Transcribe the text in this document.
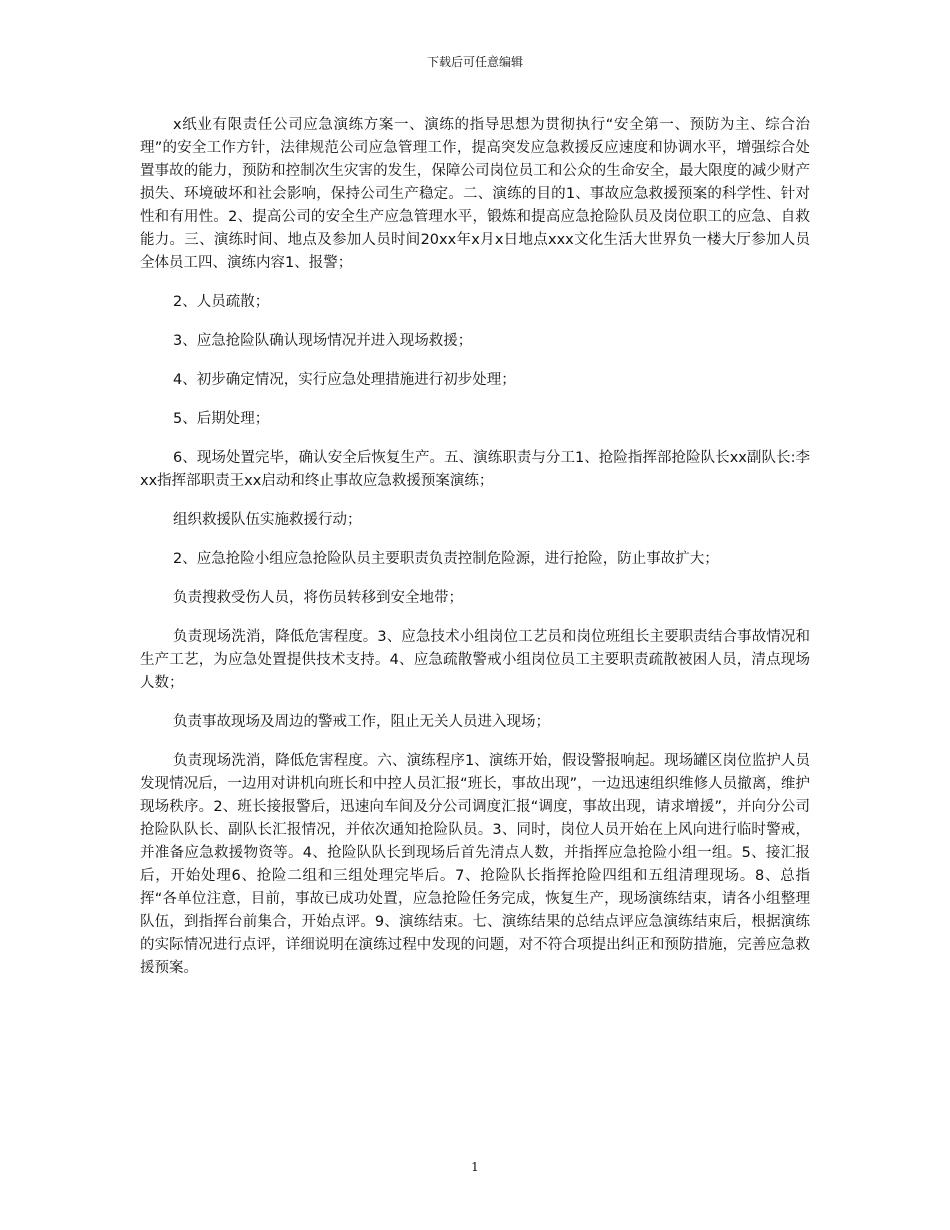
下载后可任意编辑

x纸业有限责任公司应急演练方案一、演练的指导思想为贯彻执行“安全第一、预防为主、综合治理”的安全工作方针，法律规范公司应急管理工作，提高突发应急救援反应速度和协调水平，增强综合处置事故的能力，预防和控制次生灾害的发生，保障公司岗位员工和公众的生命安全，最大限度的减少财产损失、环境破坏和社会影响，保持公司生产稳定。二、演练的目的1、事故应急救援预案的科学性、针对性和有用性。2、提高公司的安全生产应急管理水平，锻炼和提高应急抢险队员及岗位职工的应急、自救能力。三、演练时间、地点及参加人员时间20xx年x月x日地点xxx文化生活大世界负一楼大厅参加人员全体员工四、演练内容1、报警；

2、人员疏散；

3、应急抢险队确认现场情况并进入现场救援；

4、初步确定情况，实行应急处理措施进行初步处理；

5、后期处理；

6、现场处置完毕，确认安全后恢复生产。五、演练职责与分工1、抢险指挥部抢险队长xx副队长:李xx指挥部职责王xx启动和终止事故应急救援预案演练；

组织救援队伍实施救援行动；

2、应急抢险小组应急抢险队员主要职责负责控制危险源，进行抢险，防止事故扩大；

负责搜救受伤人员，将伤员转移到安全地带；

负责现场洗消，降低危害程度。3、应急技术小组岗位工艺员和岗位班组长主要职责结合事故情况和生产工艺，为应急处置提供技术支持。4、应急疏散警戒小组岗位员工主要职责疏散被困人员，清点现场人数；

负责事故现场及周边的警戒工作，阻止无关人员进入现场；

负责现场洗消，降低危害程度。六、演练程序1、演练开始，假设警报响起。现场罐区岗位监护人员发现情况后，一边用对讲机向班长和中控人员汇报“班长，事故出现”，一边迅速组织维修人员撤离，维护现场秩序。2、班长接报警后，迅速向车间及分公司调度汇报“调度，事故出现，请求增援”，并向分公司抢险队队长、副队长汇报情况，并依次通知抢险队员。3、同时，岗位人员开始在上风向进行临时警戒，并准备应急救援物资等。4、抢险队队长到现场后首先清点人数，并指挥应急抢险小组一组。5、接汇报后，开始处理6、抢险二组和三组处理完毕后。7、抢险队长指挥抢险四组和五组清理现场。8、总指挥“各单位注意，目前，事故已成功处置，应急抢险任务完成，恢复生产，现场演练结束，请各小组整理队伍，到指挥台前集合，开始点评。9、演练结束。七、演练结果的总结点评应急演练结束后，根据演练的实际情况进行点评，详细说明在演练过程中发现的问题，对不符合项提出纠正和预防措施，完善应急救援预案。

1
